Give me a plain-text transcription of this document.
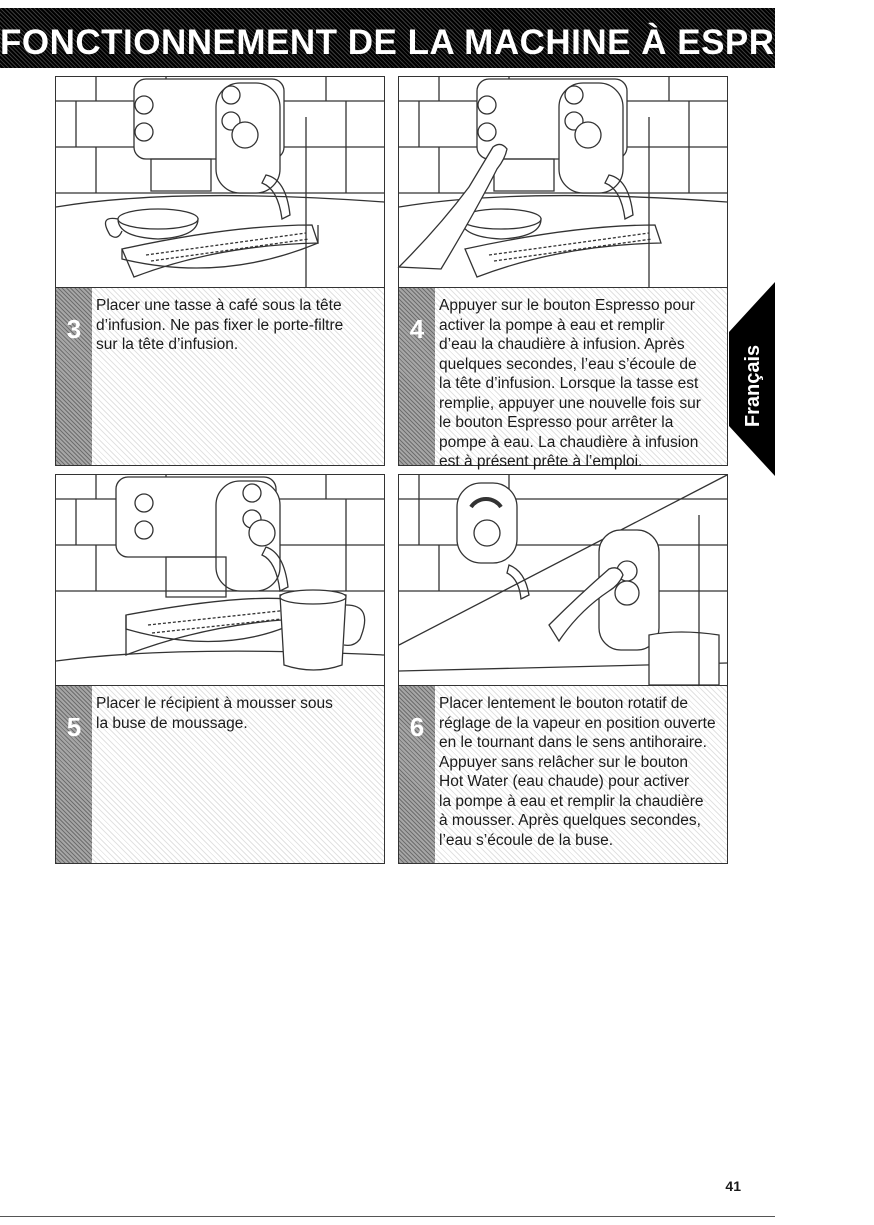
FONCTIONNEMENT DE LA MACHINE À ESPRESSO
3
Placer une tasse à café sous la tête
d’infusion. Ne pas fixer le porte-filtre
sur la tête d’infusion.
4
Appuyer sur le bouton Espresso pour
activer la pompe à eau et remplir
d’eau la chaudière à infusion. Après
quelques secondes, l’eau s’écoule de
la tête d’infusion. Lorsque la tasse est
remplie, appuyer une nouvelle fois sur
le bouton Espresso pour arrêter la
pompe à eau. La chaudière à infusion
est à présent prête à l’emploi.
5
Placer le récipient à mousser sous
la buse de moussage.	6
Placer lentement le bouton rotatif de
réglage de la vapeur en position ouverte
en le tournant dans le sens antihoraire.
Appuyer sans relâcher sur le bouton
Hot Water (eau chaude) pour activer
la pompe à eau et remplir la chaudière
à mousser. Après quelques secondes,
l’eau s’écoule de la buse.
Français
41
